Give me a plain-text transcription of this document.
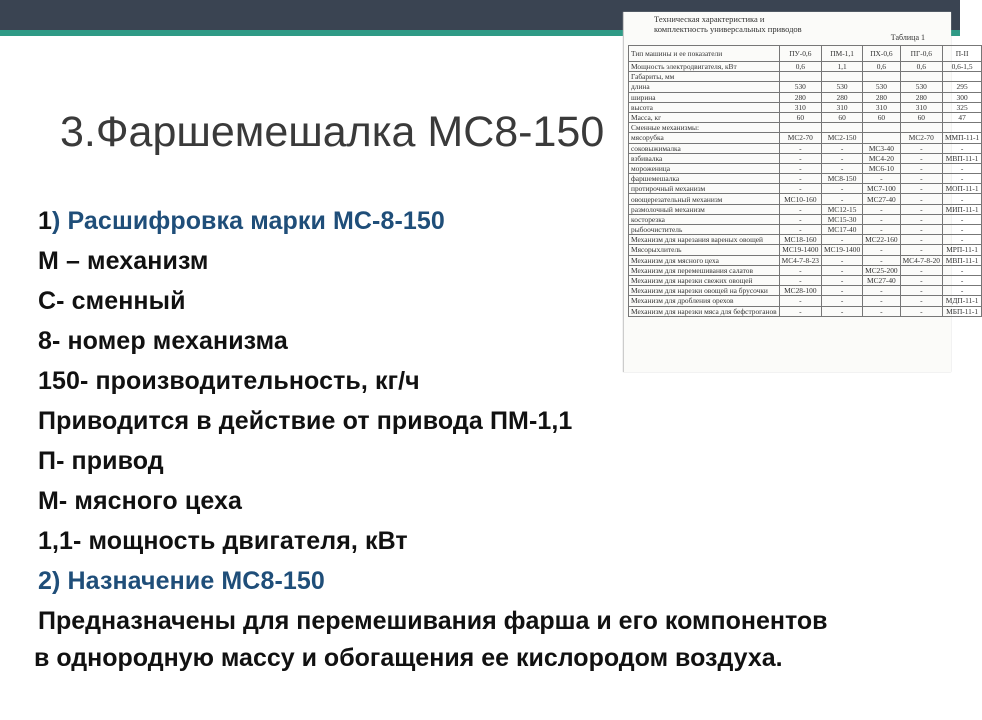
3.Фаршемешалка МС8-150
Техническая характеристика и
комплектность универсальных приводов
Таблица 1
Тип машины и ее показатели	ПУ-0,6	ПМ-1,1	ПХ-0,6	ПГ-0,6	П-II
Мощность электродвигателя, кВт	0,6	1,1	0,6	0,6	0,6-1,5
Габариты, мм					
длина	530	530	530	530	295
ширина	280	280	280	280	300
высота	310	310	310	310	325
Масса, кг	60	60	60	60	47
Сменные механизмы:					
мясорубка	МС2-70	МС2-150		МС2-70	ММП-11-1
соковыжималка	-	-	МС3-40	-	-
взбивалка	-	-	МС4-20	-	МВП-11-1
мороженица	-	-	МС6-10	-	-
фаршемешалка	-	МС8-150	-	-	-
протирочный механизм	-	-	МС7-100	-	МОП-11-1
овощерезательный механизм	МС10-160	-	МС27-40	-	-
размолочный механизм	-	МС12-15	-	-	МИП-11-1
косторезка	-	МС15-30	-	-	-
рыбоочиститель	-	МС17-40	-	-	-
Механизм для нарезания вареных овощей	МС18-160	-	МС22-160	-	-
Мясорыхлитель	МС19-1400	МС19-1400	-	-	МРП-11-1
Механизм для мясного цеха	МС4-7-8-23	-	-	МС4-7-8-20	МВП-11-1
Механизм для перемешивания салатов	-	-	МС25-200	-	-
Механизм для нарезки свежих овощей	-	-	МС27-40	-	-
Механизм для нарезки овощей на брусочки	МС28-100	-	-	-	-
Механизм для дробления орехов	-	-	-	-	МДП-11-1
Механизм для нарезки мяса для бефстроганов	-	-	-	-	МБП-11-1
1) Расшифровка марки МС-8-150
М – механизм
С- сменный
8- номер механизма
150- производительность, кг/ч
Приводится в действие от привода ПМ-1,1
П- привод
М- мясного цеха
1,1- мощность двигателя, кВт
2) Назначение МС8-150
Предназначены для перемешивания фарша и его компонентов

в однородную массу и обогащения ее кислородом воздуха.
